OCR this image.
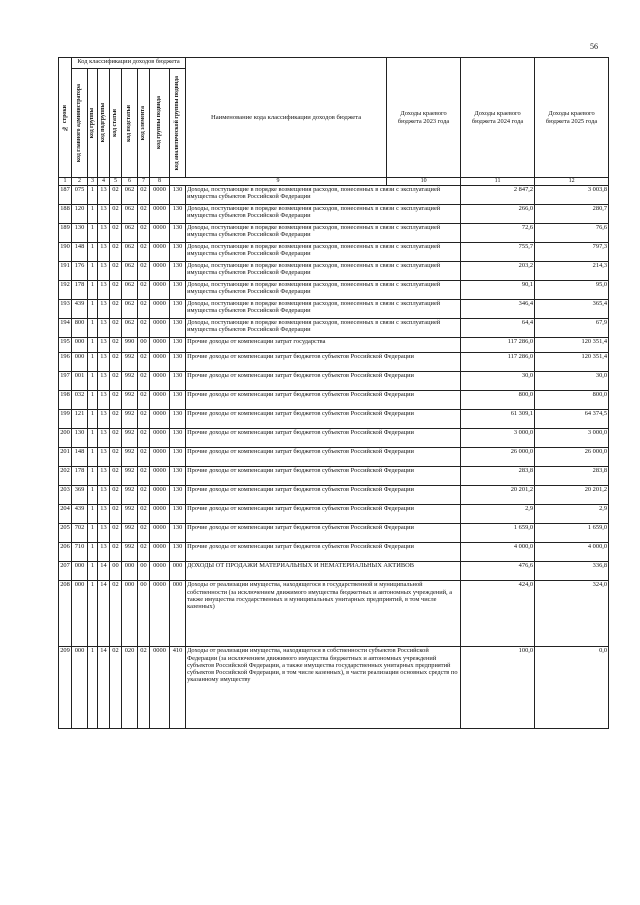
56
№ строки	Код классификации доходов бюджета								Наименование кода классификации доходов бюджета	Доходы краевого бюджета 2023 года	Доходы краевого бюджета 2024 года	Доходы краевого бюджета 2025 года	

	код главного администратора	код группы	код подгруппы	код статьи	код подстатьи	код элемента	код группы подвида	код аналитической группы подвида					

1	2	3	4	5	6	7	8	9		10	11	12	
187	075	1	13	02	062	02	0000	130	Доходы, поступающие в порядке возмещения расходов, понесенных в связи с эксплуатацией имущества субъектов Российской Федерации		2 847,2	3 003,8	
188	120	1	13	02	062	02	0000	130	Доходы, поступающие в порядке возмещения расходов, понесенных в связи с эксплуатацией имущества субъектов Российской Федерации		266,0	280,7	
189	130	1	13	02	062	02	0000	130	Доходы, поступающие в порядке возмещения расходов, понесенных в связи с эксплуатацией имущества субъектов Российской Федерации		72,6	76,6	
190	148	1	13	02	062	02	0000	130	Доходы, поступающие в порядке возмещения расходов, понесенных в связи с эксплуатацией имущества субъектов Российской Федерации		755,7	797,3	
191	176	1	13	02	062	02	0000	130	Доходы, поступающие в порядке возмещения расходов, понесенных в связи с эксплуатацией имущества субъектов Российской Федерации		203,2	214,3	
192	178	1	13	02	062	02	0000	130	Доходы, поступающие в порядке возмещения расходов, понесенных в связи с эксплуатацией имущества субъектов Российской Федерации		90,1	95,0	
193	439	1	13	02	062	02	0000	130	Доходы, поступающие в порядке возмещения расходов, понесенных в связи с эксплуатацией имущества субъектов Российской Федерации		346,4	365,4	
194	800	1	13	02	062	02	0000	130	Доходы, поступающие в порядке возмещения расходов, понесенных в связи с эксплуатацией имущества субъектов Российской Федерации		64,4	67,9	
195	000	1	13	02	990	00	0000	130	Прочие доходы от компенсации затрат государства		117 286,0	120 351,4	
196	000	1	13	02	992	02	0000	130	Прочие доходы от компенсации затрат бюджетов субъектов Российской Федерации		117 286,0	120 351,4	
197	001	1	13	02	992	02	0000	130	Прочие доходы от компенсации затрат бюджетов субъектов Российской Федерации		30,0	30,0	
198	032	1	13	02	992	02	0000	130	Прочие доходы от компенсации затрат бюджетов субъектов Российской Федерации		800,0	800,0	
199	121	1	13	02	992	02	0000	130	Прочие доходы от компенсации затрат бюджетов субъектов Российской Федерации		61 309,1	64 374,5	
200	130	1	13	02	992	02	0000	130	Прочие доходы от компенсации затрат бюджетов субъектов Российской Федерации		3 000,0	3 000,0	
201	148	1	13	02	992	02	0000	130	Прочие доходы от компенсации затрат бюджетов субъектов Российской Федерации		26 000,0	26 000,0	
202	178	1	13	02	992	02	0000	130	Прочие доходы от компенсации затрат бюджетов субъектов Российской Федерации		283,8	283,8	
203	369	1	13	02	992	02	0000	130	Прочие доходы от компенсации затрат бюджетов субъектов Российской Федерации		20 201,2	20 201,2	
204	439	1	13	02	992	02	0000	130	Прочие доходы от компенсации затрат бюджетов субъектов Российской Федерации		2,9	2,9	
205	702	1	13	02	992	02	0000	130	Прочие доходы от компенсации затрат бюджетов субъектов Российской Федерации		1 659,0	1 659,0	
206	710	1	13	02	992	02	0000	130	Прочие доходы от компенсации затрат бюджетов субъектов Российской Федерации		4 000,0	4 000,0	
207	000	1	14	00	000	00	0000	000	ДОХОДЫ ОТ ПРОДАЖИ МАТЕРИАЛЬНЫХ И НЕМАТЕРИАЛЬНЫХ АКТИВОВ		476,6	336,8	
208	000	1	14	02	000	00	0000	000	Доходы от реализации имущества, находящегося в государственной и муниципальной собственности (за исключением движимого имущества бюджетных и автономных учреждений, а также имущества государственных и муниципальных унитарных предприятий, в том числе казенных)		424,0	324,0	
209	000	1	14	02	020	02	0000	410	Доходы от реализации имущества, находящегося в собственности субъектов Российской Федерации (за исключением движимого имущества бюджетных и автономных учреждений субъектов Российской Федерации, а также имущества государственных унитарных предприятий субъектов Российской Федерации, в том числе казенных), в части реализации основных средств по указанному имуществу		100,0	0,0	
